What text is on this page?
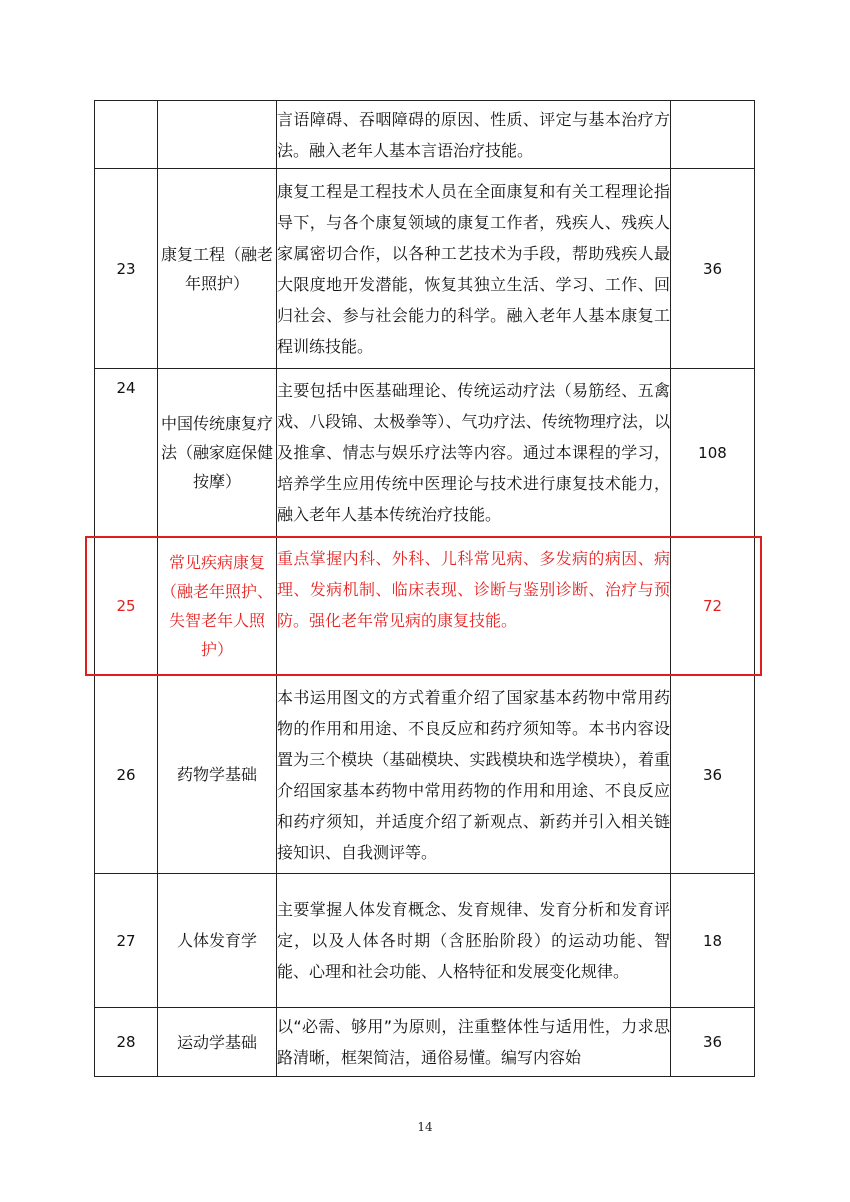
		言语障碍、吞咽障碍的原因、性质、评定与基本治疗方法。融入老年人基本言语治疗技能。	
23	康复工程（融老年照护）	康复工程是工程技术人员在全面康复和有关工程理论指导下，与各个康复领域的康复工作者，残疾人、残疾人家属密切合作，以各种工艺技术为手段，帮助残疾人最大限度地开发潜能，恢复其独立生活、学习、工作、回归社会、参与社会能力的科学。融入老年人基本康复工程训练技能。	36
24	中国传统康复疗法（融家庭保健按摩）	主要包括中医基础理论、传统运动疗法（易筋经、五禽戏、八段锦、太极拳等）、气功疗法、传统物理疗法，以及推拿、情志与娱乐疗法等内容。通过本课程的学习，培养学生应用传统中医理论与技术进行康复技术能力，融入老年人基本传统治疗技能。	108
25	常见疾病康复（融老年照护、失智老年人照护）	重点掌握内科、外科、儿科常见病、多发病的病因、病理、发病机制、临床表现、诊断与鉴别诊断、治疗与预防。强化老年常见病的康复技能。	72
26	药物学基础	本书运用图文的方式着重介绍了国家基本药物中常用药物的作用和用途、不良反应和药疗须知等。本书内容设置为三个模块（基础模块、实践模块和选学模块），着重介绍国家基本药物中常用药物的作用和用途、不良反应和药疗须知，并适度介绍了新观点、新药并引入相关链接知识、自我测评等。	36
27	人体发育学	主要掌握人体发育概念、发育规律、发育分析和发育评定，以及人体各时期（含胚胎阶段）的运动功能、智能、心理和社会功能、人格特征和发展变化规律。	18
28	运动学基础	以“必需、够用”为原则，注重整体性与适用性，力求思路清晰，框架简洁，通俗易懂。编写内容始	36
14
